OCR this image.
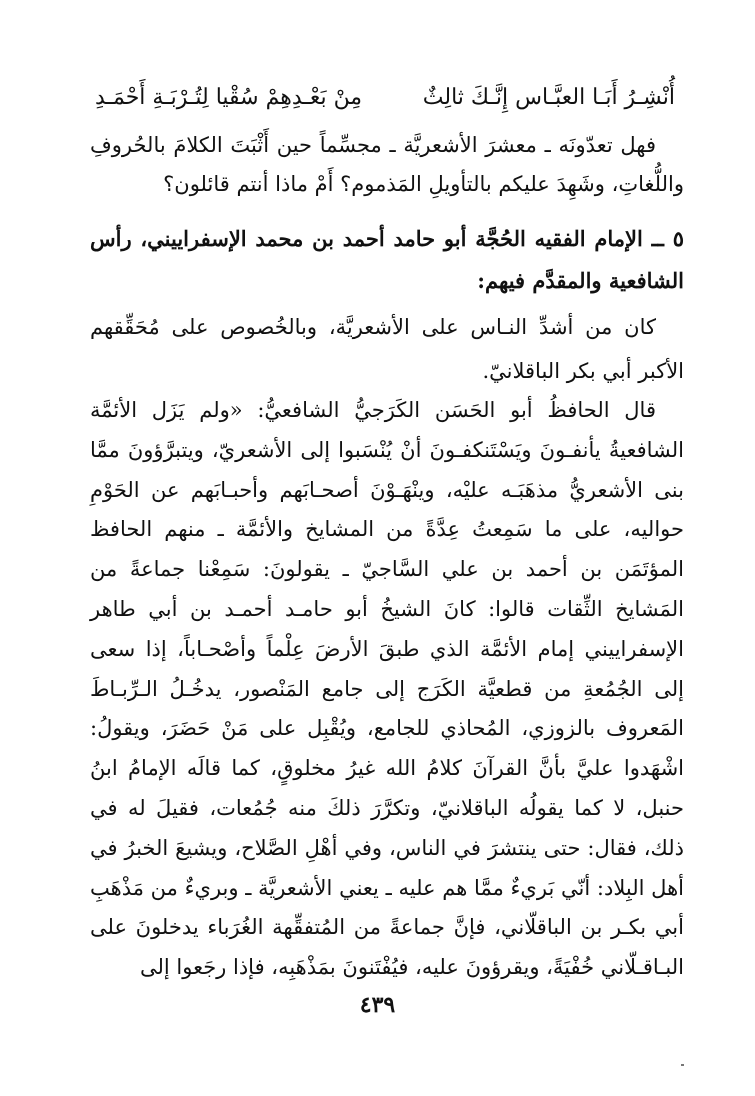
أُنْشِـرُ أَبَـا العبَّـاس إِنَّـكَ ثالِثٌ
مِنْ بَعْـدِهِمْ سُقْيا لِتُـرْبَـةِ أَحْمَـدِ
فهل تعدّونَه ـ معشرَ الأشعريَّة ـ مجسِّماً حين أَثْبَتَ الكلامَ بالحُروفِ واللُّغاتِ، وشَهِدَ عليكم بالتأويلِ المَذموم؟ أَمْ ماذا أنتم قائلون؟
٥ ــ الإمام الفقيه الحُجَّة أبو حامد أحمد بن محمد الإسفراييني، رأس الشافعية والمقدَّم فيهم:
كان من أشدِّ النـاس على الأشعريَّة، وبالخُصوص على مُحَقِّقهم الأكبر أبي بكر الباقلانيّ.
قال الحافظُ أبو الحَسَن الكَرَجيُّ الشافعيُّ: «ولم يَزَل الأئمَّة الشافعيةُ يأنفـونَ ويَسْتَنكفـونَ أنْ يُنْسَبوا إلى الأشعريّ، ويتبرَّؤونَ ممَّا بنى الأشعريُّ مذهَبَـه عليْه، وينْهَـوْنَ أصحـابَهم وأحبـابَهم عن الحَوْمِ حواليه، على ما سَمِعتُ عِدَّةً من المشايخ والأئمَّة ـ منهم الحافظ المؤتَمَن بن أحمد بن علي السَّاجيّ ـ يقولونَ: سَمِعْنا جماعةً من المَشايخ الثِّقات قالوا: كانَ الشيخُ أبو حامـد أحمـد بن أبي طاهر الإسفراييني إمام الأئمَّة الذي طبقَ الأرضَ عِلْماً وأصْحـاباً، إذا سعى إلى الجُمُعةِ من قطعيَّة الكَرَج إلى جامع المَنْصور، يدخُـلُ الـرِّبـاطَ المَعروف بالزوزي، المُحاذي للجامع، ويُقْبِل على مَنْ حَضَرَ، ويقولُ: اشْهَدوا عليَّ بأنَّ القرآنَ كلامُ الله غيرُ مخلوقٍ، كما قالَه الإمامُ ابنُ حنبل، لا كما يقولُه الباقلانيّ، وتكرَّرَ ذلكَ منه جُمُعات، فقيلَ له في ذلك، فقال: حتى ينتشرَ في الناس، وفي أهْلِ الصَّلاح، ويشيعَ الخبرُ في أهل البِلاد: أنّي بَريءٌ ممَّا هم عليه ـ يعني الأشعريَّة ـ وبريءٌ من مَذْهَبِ أبي بكـر بن الباقلّاني، فإنَّ جماعةً من المُتفقِّهة الغُرَباء يدخلونَ على البـاقـلّاني خُفْيَةً، ويقرؤونَ عليه، فيُفْتَنونَ بمَذْهَبِه، فإذا رجَعوا إلى
٤٣٩
